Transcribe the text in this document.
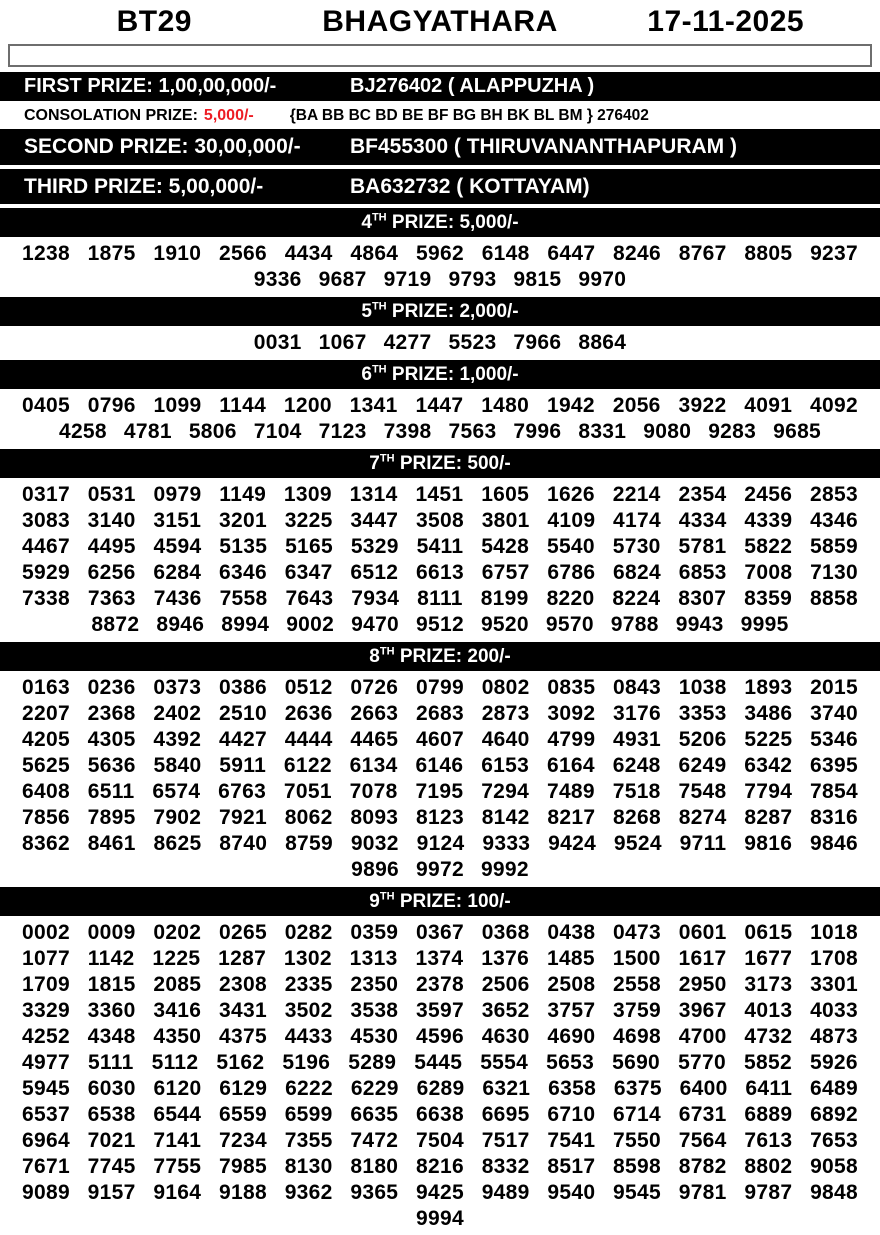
BT29	BHAGYATHARA	17-11-2025
FIRST PRIZE: 1,00,00,000/-	BJ276402 ( ALAPPUZHA )
CONSOLATION PRIZE: 5,000/- {BA BB BC BD BE BF BG BH BK BL BM } 276402
SECOND PRIZE: 30,00,000/-	BF455300 ( THIRUVANANTHAPURAM )
THIRD PRIZE: 5,00,000/-	BA632732 ( KOTTAYAM)
4TH PRIZE: 5,000/-
1238 1875 1910 2566 4434 4864 5962 6148 6447 8246 8767 8805 9237
9336 9687 9719 9793 9815 9970
5TH PRIZE: 2,000/-
0031 1067 4277 5523 7966 8864
6TH PRIZE: 1,000/-
0405 0796 1099 1144 1200 1341 1447 1480 1942 2056 3922 4091 4092
4258 4781 5806 7104 7123 7398 7563 7996 8331 9080 9283 9685
7TH PRIZE: 500/-
0317 0531 0979 1149 1309 1314 1451 1605 1626 2214 2354 2456 2853
3083 3140 3151 3201 3225 3447 3508 3801 4109 4174 4334 4339 4346
4467 4495 4594 5135 5165 5329 5411 5428 5540 5730 5781 5822 5859
5929 6256 6284 6346 6347 6512 6613 6757 6786 6824 6853 7008 7130
7338 7363 7436 7558 7643 7934 8111 8199 8220 8224 8307 8359 8858
8872 8946 8994 9002 9470 9512 9520 9570 9788 9943 9995
8TH PRIZE: 200/-
0163 0236 0373 0386 0512 0726 0799 0802 0835 0843 1038 1893 2015
2207 2368 2402 2510 2636 2663 2683 2873 3092 3176 3353 3486 3740
4205 4305 4392 4427 4444 4465 4607 4640 4799 4931 5206 5225 5346
5625 5636 5840 5911 6122 6134 6146 6153 6164 6248 6249 6342 6395
6408 6511 6574 6763 7051 7078 7195 7294 7489 7518 7548 7794 7854
7856 7895 7902 7921 8062 8093 8123 8142 8217 8268 8274 8287 8316
8362 8461 8625 8740 8759 9032 9124 9333 9424 9524 9711 9816 9846
9896 9972 9992
9TH PRIZE: 100/-
0002 0009 0202 0265 0282 0359 0367 0368 0438 0473 0601 0615 1018
1077 1142 1225 1287 1302 1313 1374 1376 1485 1500 1617 1677 1708
1709 1815 2085 2308 2335 2350 2378 2506 2508 2558 2950 3173 3301
3329 3360 3416 3431 3502 3538 3597 3652 3757 3759 3967 4013 4033
4252 4348 4350 4375 4433 4530 4596 4630 4690 4698 4700 4732 4873
4977 5111 5112 5162 5196 5289 5445 5554 5653 5690 5770 5852 5926
5945 6030 6120 6129 6222 6229 6289 6321 6358 6375 6400 6411 6489
6537 6538 6544 6559 6599 6635 6638 6695 6710 6714 6731 6889 6892
6964 7021 7141 7234 7355 7472 7504 7517 7541 7550 7564 7613 7653
7671 7745 7755 7985 8130 8180 8216 8332 8517 8598 8782 8802 9058
9089 9157 9164 9188 9362 9365 9425 9489 9540 9545 9781 9787 9848
9994
